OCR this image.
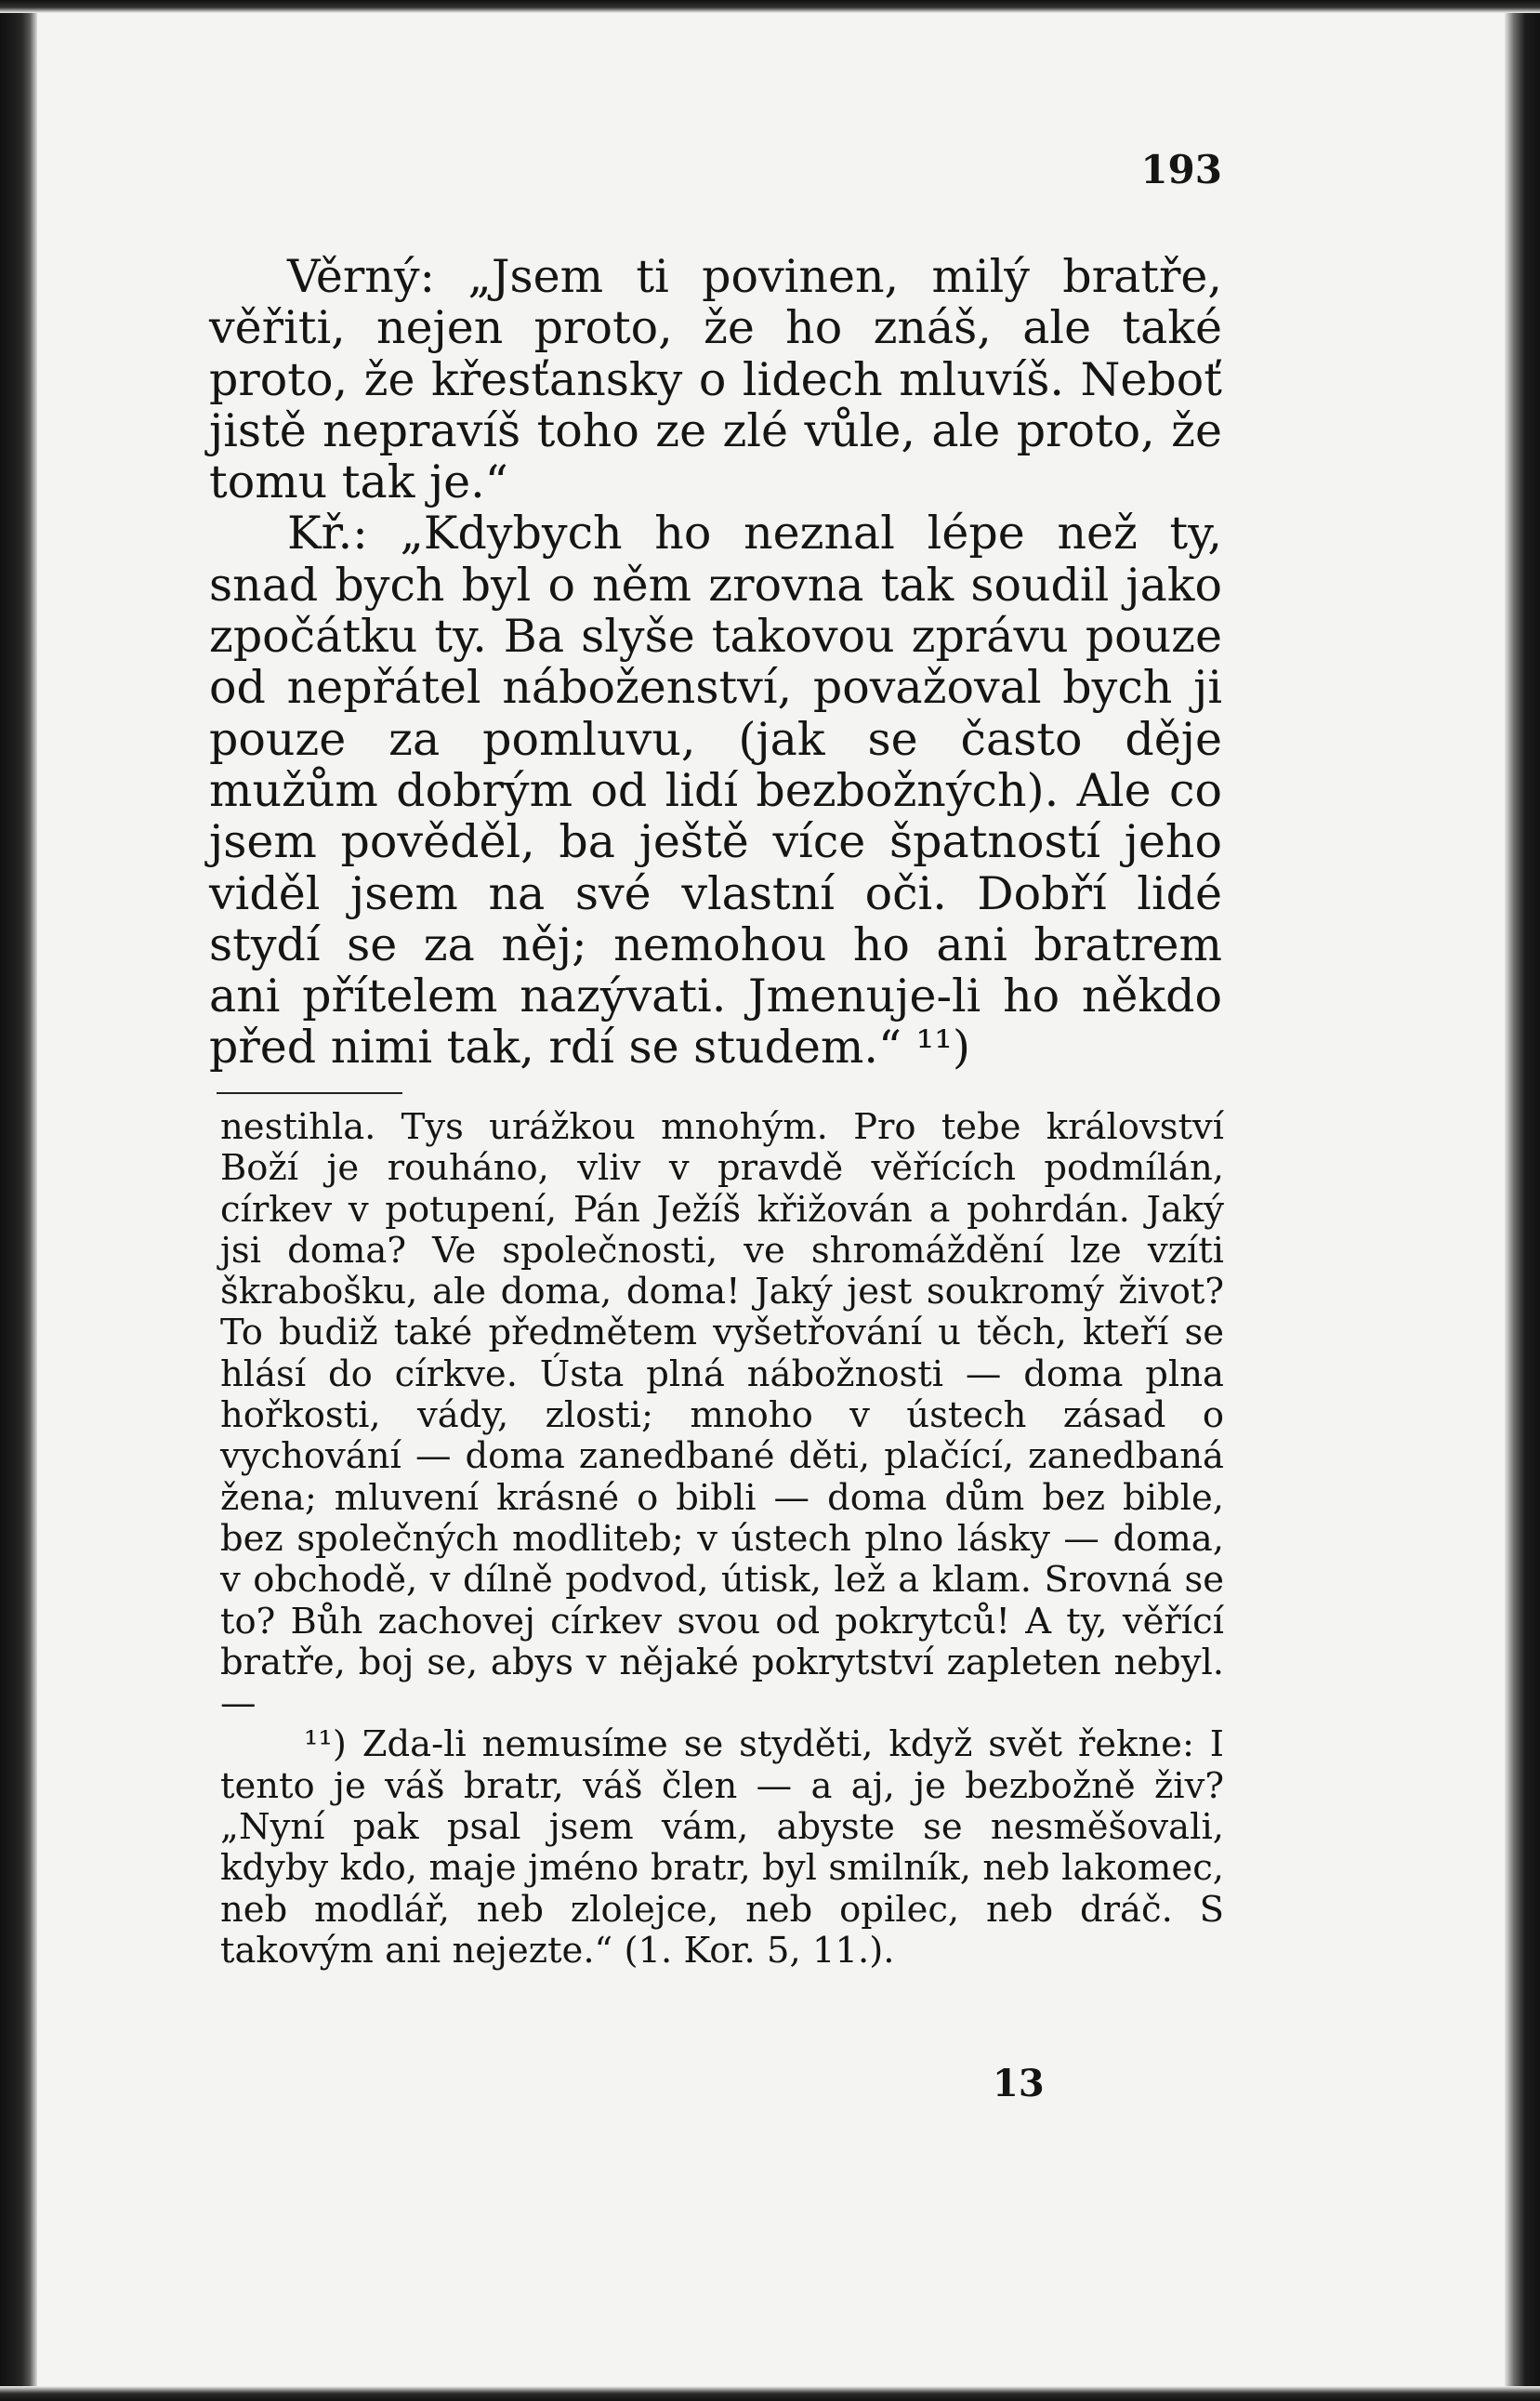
193

Věrný: „Jsem ti povinen, milý bratře, věřiti, nejen proto, že ho znáš, ale také proto, že křesťansky o lidech mluvíš. Neboť jistě nepravíš toho ze zlé vůle, ale proto, že tomu tak je.“

Kř.: „Kdybych ho neznal lépe než ty, snad bych byl o něm zrovna tak soudil jako zpočátku ty. Ba slyše takovou zprávu pouze od nepřátel náboženství, považoval bych ji pouze za pomluvu, (jak se často děje mužům dobrým od lidí bezbožných). Ale co jsem pověděl, ba ještě více špatností jeho viděl jsem na své vlastní oči. Dobří lidé stydí se za něj; nemohou ho ani bratrem ani přítelem nazývati. Jmenuje-li ho někdo před nimi tak, rdí se studem.“ ¹¹)

nestihla. Tys urážkou mnohým. Pro tebe království Boží je rouháno, vliv v pravdě věřících podmílán, církev v potupení, Pán Ježíš křižován a pohrdán. Jaký jsi doma? Ve společnosti, ve shromáždění lze vzíti škrabošku, ale doma, doma! Jaký jest soukromý život? To budiž také předmětem vyšetřování u těch, kteří se hlásí do církve. Ústa plná nábožnosti — doma plna hořkosti, vády, zlosti; mnoho v ústech zásad o vychování — doma zanedbané děti, plačící, zanedbaná žena; mluvení krásné o bibli — doma dům bez bible, bez společných modliteb; v ústech plno lásky — doma, v obchodě, v dílně podvod, útisk, lež a klam. Srovná se to? Bůh zachovej církev svou od pokrytců! A ty, věřící bratře, boj se, abys v nějaké pokrytství zapleten nebyl. —

¹¹) Zda-li nemusíme se styděti, když svět řekne: I tento je váš bratr, váš člen — a aj, je bezbožně živ? „Nyní pak psal jsem vám, abyste se nesměšovali, kdyby kdo, maje jméno bratr, byl smilník, neb lakomec, neb modlář, neb zlolejce, neb opilec, neb dráč. S takovým ani nejezte.“ (1. Kor. 5, 11.).

13
